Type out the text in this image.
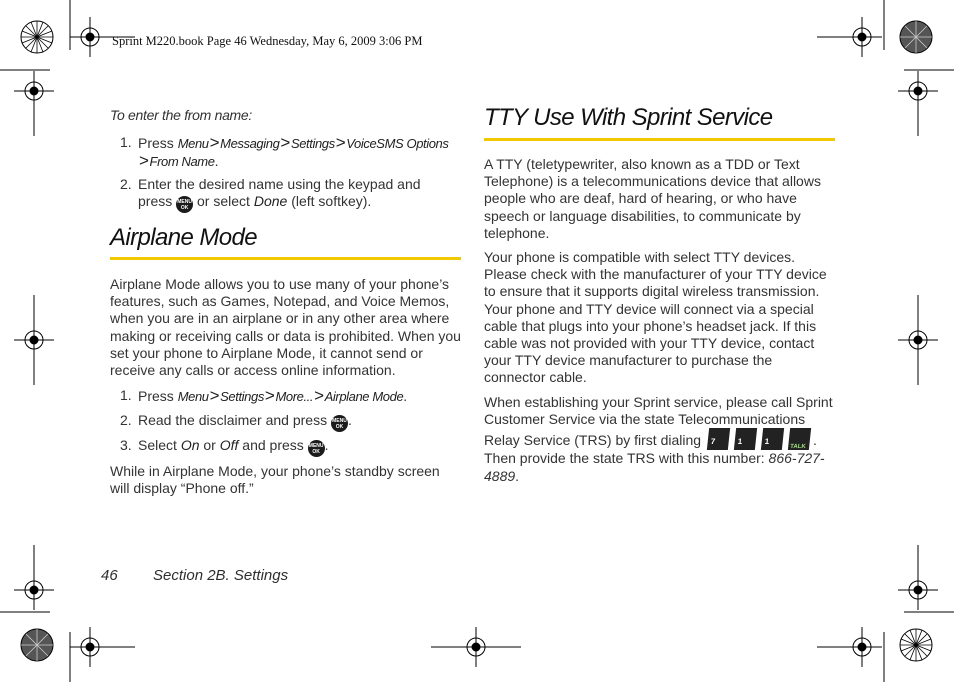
Sprint M220.book Page 46 Wednesday, May 6, 2009 3:06 PM
To enter the from name:
1. Press Menu>Messaging>Settings>VoiceSMS Options
>From Name.
2. Enter the desired name using the keypad and
press MENU OK or select Done (left softkey).
Airplane Mode

Airplane Mode allows you to use many of your phone’s features, such as Games, Notepad, and Voice Memos, when you are in an airplane or in any other area where making or receiving calls or data is prohibited. When you set your phone to Airplane Mode, it cannot send or receive any calls or access online information.

1. Press Menu>Settings>More...>Airplane Mode.
2. Read the disclaimer and press MENU OK .
3. Select On or Off and press MENU OK .

While in Airplane Mode, your phone’s standby screen will display “Phone off.”

TTY Use With Sprint Service

A TTY (teletypewriter, also known as a TDD or Text Telephone) is a telecommunications device that allows people who are deaf, hard of hearing, or who have speech or language disabilities, to communicate by telephone.

Your phone is compatible with select TTY devices. Please check with the manufacturer of your TTY device to ensure that it supports digital wireless transmission. Your phone and TTY device will connect via a special cable that plugs into your phone’s headset jack. If this cable was not provided with your TTY device, contact your TTY device manufacturer to purchase the connector cable.

When establishing your Sprint service, please call Sprint Customer Service via the state Telecommunications Relay Service (TRS) by first dialing 7	1	1
TALK . Then provide the state TRS with this number: 866-727-4889.

46 Section 2B. Settings
